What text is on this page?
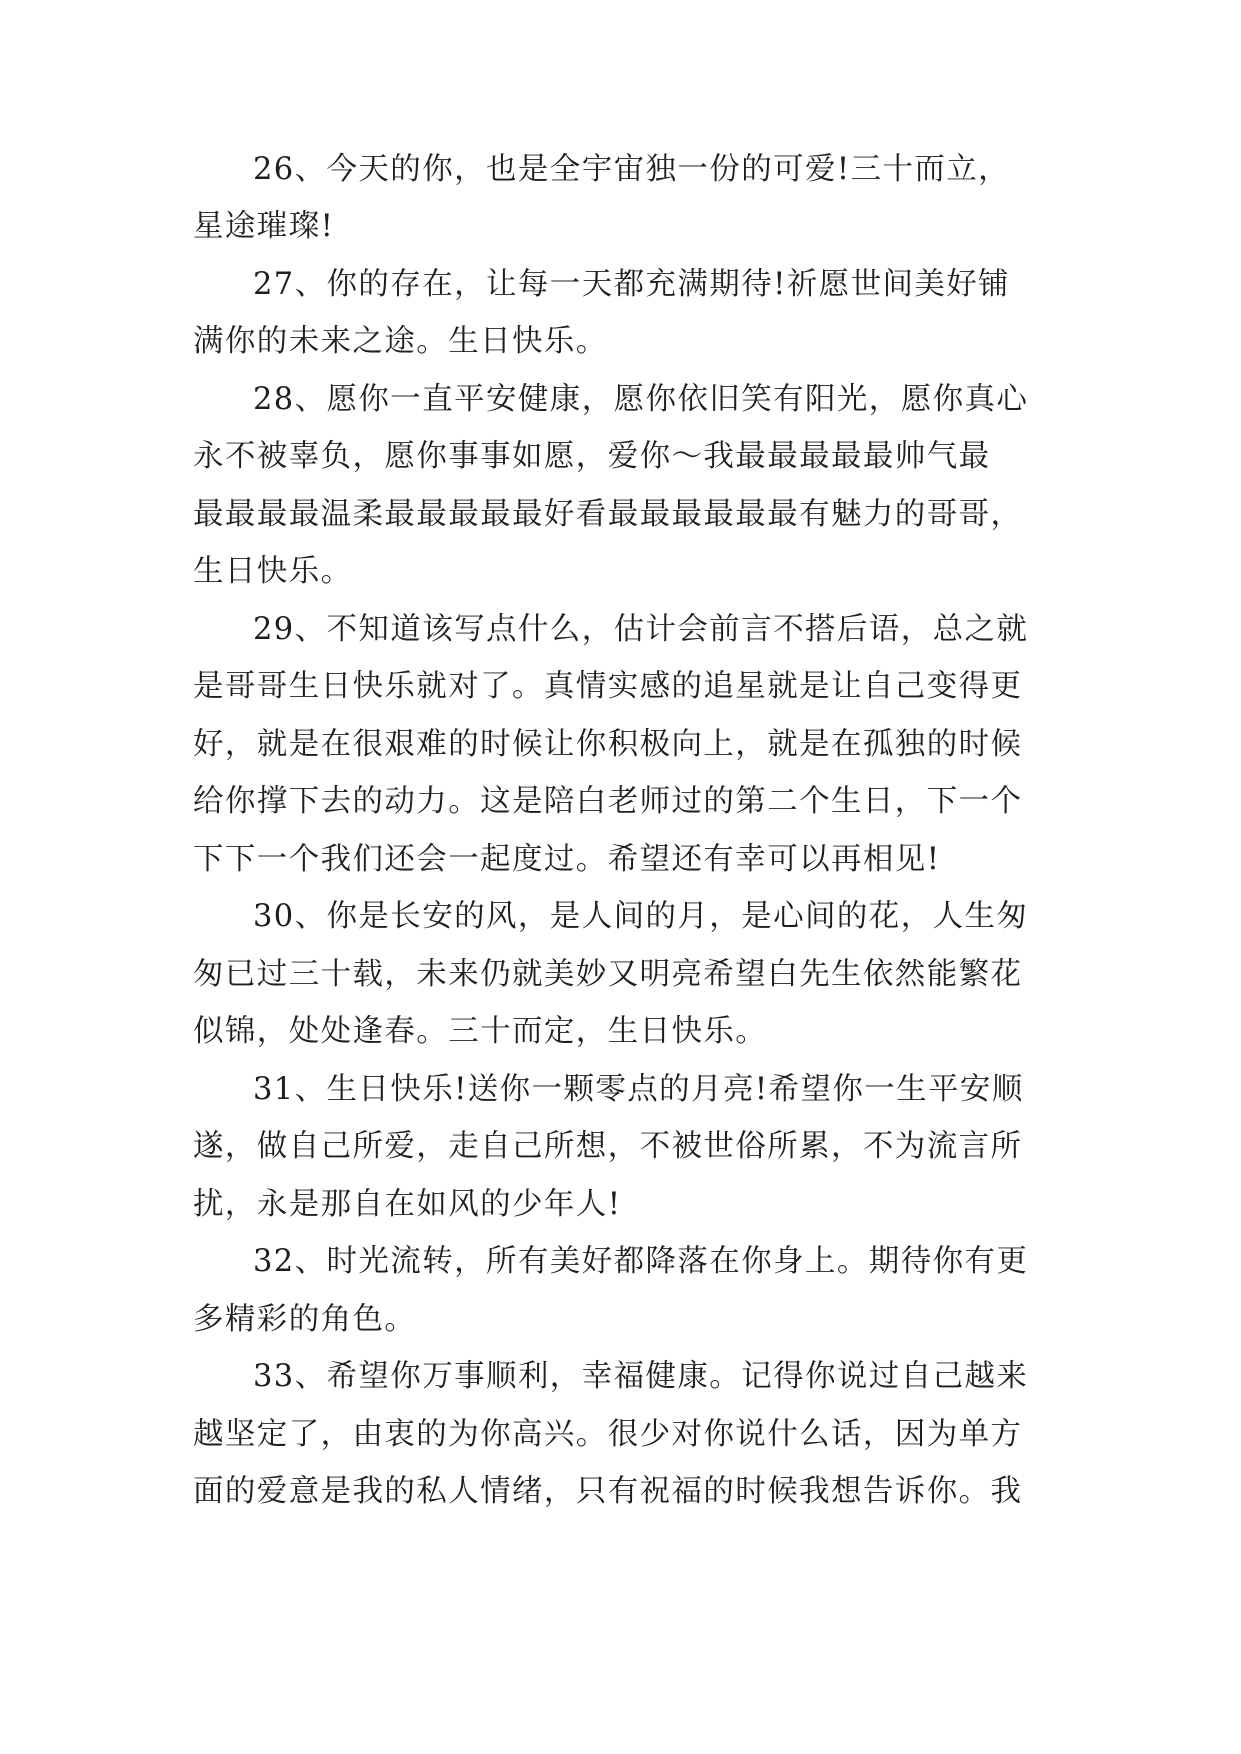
26、今天的你，也是全宇宙独一份的可爱!三十而立，

星途璀璨!

27、你的存在，让每一天都充满期待!祈愿世间美好铺

满你的未来之途。生日快乐。

28、愿你一直平安健康，愿你依旧笑有阳光，愿你真心

永不被辜负，愿你事事如愿，爱你～我最最最最最帅气最

最最最最温柔最最最最最好看最最最最最最有魅力的哥哥，

生日快乐。

29、不知道该写点什么，估计会前言不搭后语，总之就

是哥哥生日快乐就对了。真情实感的追星就是让自己变得更

好，就是在很艰难的时候让你积极向上，就是在孤独的时候

给你撑下去的动力。这是陪白老师过的第二个生日，下一个

下下一个我们还会一起度过。希望还有幸可以再相见!

30、你是长安的风，是人间的月，是心间的花，人生匆

匆已过三十载，未来仍就美妙又明亮希望白先生依然能繁花

似锦，处处逢春。三十而定，生日快乐。

31、生日快乐!送你一颗零点的月亮!希望你一生平安顺

遂，做自己所爱，走自己所想，不被世俗所累，不为流言所

扰，永是那自在如风的少年人!

32、时光流转，所有美好都降落在你身上。期待你有更

多精彩的角色。

33、希望你万事顺利，幸福健康。记得你说过自己越来

越坚定了，由衷的为你高兴。很少对你说什么话，因为单方

面的爱意是我的私人情绪，只有祝福的时候我想告诉你。我
